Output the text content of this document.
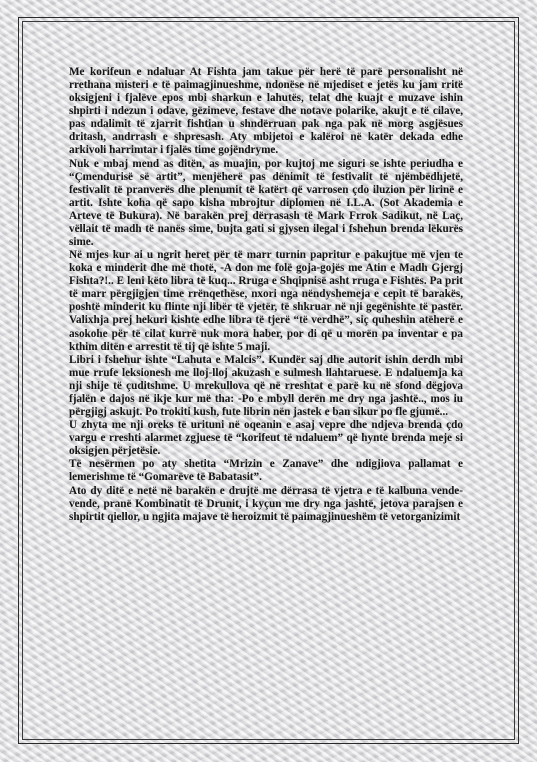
Me korifeun e ndaluar At Fishta jam takue për herë të parë personalisht në rrethana misteri e të paimagjinueshme, ndonëse në mjediset e jetës ku jam rritë oksigjeni i fjalëve epos mbi sharkun e lahutës, telat dhe kuajt e muzave ishin shpirti i ndezun i odave, gëzimeve, festave dhe notave polarike, akujt e të cilave, pas ndalimit të zjarrit fishtian u shndërruan pak nga pak në morg asgjësues dritash, andrrash e shpresash. Aty mbijetoi e kalëroi në katër dekada edhe arkivoli harrimtar i fjalës time gojëndryme.

Nuk e mbaj mend as ditën, as muajin, por kujtoj me siguri se ishte periudha e “Çmendurisë së artit”, menjëherë pas dënimit të festivalit të njëmbëdhjetë, festivalit të pranverës dhe plenumit të katërt që varrosen çdo iluzion për lirinë e artit. Ishte koha që sapo kisha mbrojtur diplomen në I.L.A. (Sot Akademia e Arteve të Bukura). Në barakën prej dërrasash të Mark Frrok Sadikut, në Laç, vëllait të madh të nanës sime, bujta gati si gjysen ilegal i fshehun brenda lëkurës sime.

Në mjes kur ai u ngrit heret për të marr turnin papritur e pakujtue më vjen te koka e minderit dhe më thotë, -A don me folë goja-gojës me Atin e Madh Gjergj Fishta?!.. E leni këto libra të kuq... Rruga e Shqipnisë asht rruga e Fishtës. Pa prit të marr përgjigjen time rrënqethëse, nxori nga nëndyshemeja e cepit të barakës, poshtë minderit ku flinte nji libër të vjetër, të shkruar në nji gegënishte të pastër. Valixhja prej hekuri kishte edhe libra të tjerë “të verdhë”, siç quheshin atëherë e asokohe për të cilat kurrë nuk mora haber, por di që u morën pa inventar e pa kthim ditën e arrestit të tij që ishte 5 maji.

Libri i fshehur ishte “Lahuta e Malcis”. Kundër saj dhe autorit ishin derdh mbi mue rrufe leksionesh me lloj-lloj akuzash e sulmesh llahtaruese. E ndaluemja ka nji shije të çuditshme. U mrekullova që në rreshtat e parë ku në sfond dëgjova fjalën e dajos në ikje kur më tha: -Po e mbyll derën me dry nga jashtë.., mos iu përgjigj askujt. Po trokiti kush, fute librin nën jastek e ban sikur po fle gjumë...

U zhyta me nji oreks të urituni në oqeanin e asaj vepre dhe ndjeva brenda çdo vargu e rreshti alarmet zgjuese të “korifeut të ndaluem” që hynte brenda meje si oksigjen përjetësie.

Të nesërmen po aty shetita “Mrizin e Zanave” dhe ndigjiova pallamat e lemerishme të “Gomarëve të Babatasit”.

Ato dy ditë e netë në barakën e drujtë me dërrasa të vjetra e të kalbuna vende-vende, pranë Kombinatit të Drunit, i kyçun me dry nga jashtë, jetova parajsen e shpirtit qiellor, u ngjita majave të heroizmit të paimagjinueshëm të vetorganizimit
